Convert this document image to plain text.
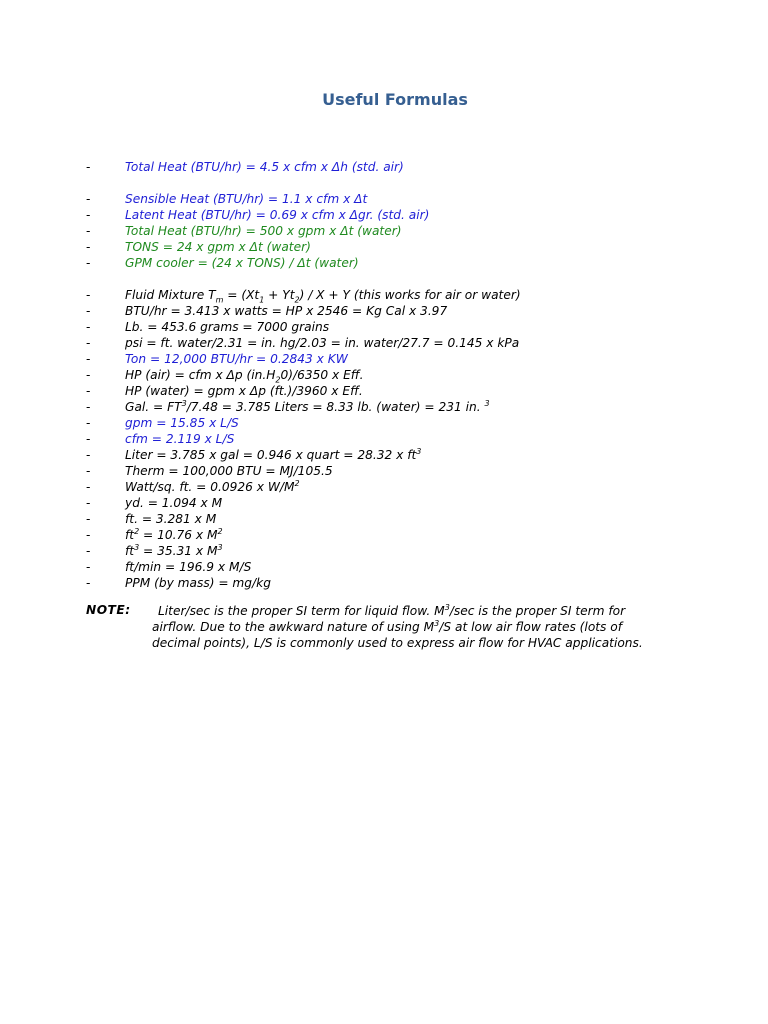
Useful Formulas
-	Total Heat (BTU/hr) = 4.5 x cfm x Δh (std. air)
-	Sensible Heat (BTU/hr) = 1.1 x cfm x Δt
-	Latent Heat (BTU/hr) = 0.69 x cfm x Δgr. (std. air)
-	Total Heat (BTU/hr) = 500 x gpm x Δt (water)
-	TONS = 24 x gpm x Δt (water)
-	GPM cooler = (24 x TONS) / Δt (water)
-	Fluid Mixture $T_m = (Xt_1 + Yt_2) / X + Y$ (this works for air or water)
-	BTU/hr = 3.413 x watts = HP x 2546 = Kg Cal x 3.97
-	Lb. = 453.6 grams = 7000 grains
-	psi = ft. water/2.31 = in. hg/2.03 = in. water/27.7 = 0.145 x kPa
-	Ton = 12,000 BTU/hr = 0.2843 x KW
-	HP (air) = cfm x Δp $(in.H_20)/6350$ x Eff.
-	HP (water) = gpm x Δp (ft.)/3960 x Eff.
-	Gal. = $FT^3/7.48 = 3.785$ Liters = 8.33 lb. (water) = 231 in. $^3$
-	gpm = 15.85 x L/S
-	cfm = 2.119 x L/S
-	Liter = 3.785 x gal = 0.946 x quart = 28.32 x $ft^3$
-	Therm = 100,000 BTU = MJ/105.5
-	Watt/sq. ft. = 0.0926 x $W/M^2$
-	yd. = 1.094 x M
-	ft. = 3.281 x M
-	$ft^2 = 10.76$ x $M^2$
-	$ft^3 = 35.31$ x $M^3$
-	ft/min = 196.9 x M/S
-	PPM (by mass) = mg/kg
NOTE:	Liter/sec is the proper SI term for liquid flow. $M^3/\sec$ is the proper SI term for
airflow. Due to the awkward nature of using $M^3/S$ at low air flow rates (lots of
decimal points), L/S is commonly used to express air flow for HVAC applications.
